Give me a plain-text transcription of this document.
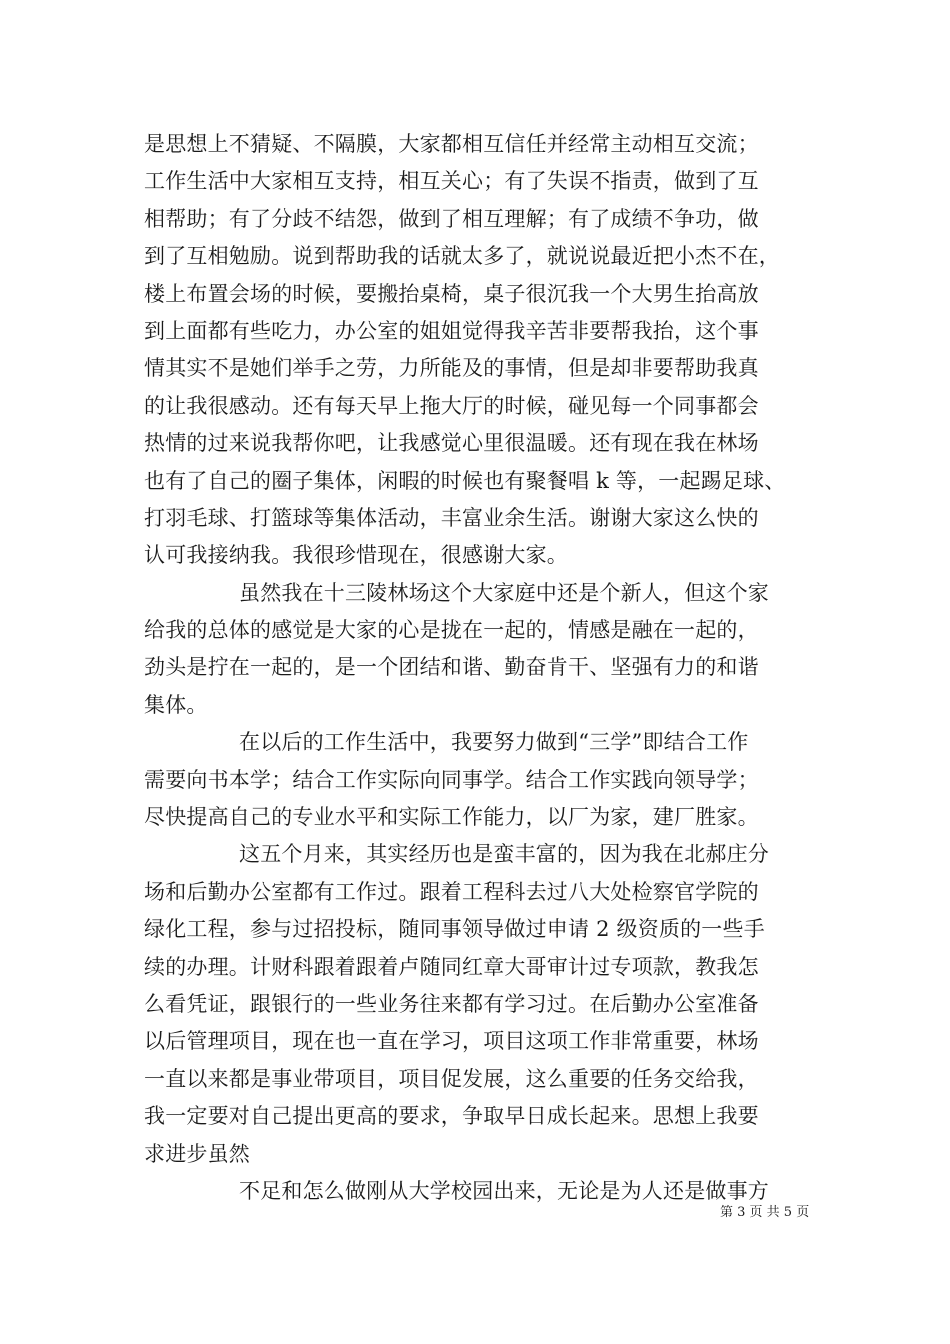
是思想上不猜疑、不隔膜，大家都相互信任并经常主动相互交流；
工作生活中大家相互支持，相互关心；有了失误不指责，做到了互
相帮助；有了分歧不结怨，做到了相互理解；有了成绩不争功，做
到了互相勉励。说到帮助我的话就太多了，就说说最近把小杰不在，
楼上布置会场的时候，要搬抬桌椅，桌子很沉我一个大男生抬高放
到上面都有些吃力，办公室的姐姐觉得我辛苦非要帮我抬，这个事
情其实不是她们举手之劳，力所能及的事情，但是却非要帮助我真
的让我很感动。还有每天早上拖大厅的时候，碰见每一个同事都会
热情的过来说我帮你吧，让我感觉心里很温暖。还有现在我在林场
也有了自己的圈子集体，闲暇的时候也有聚餐唱 k 等，一起踢足球、
打羽毛球、打篮球等集体活动，丰富业余生活。谢谢大家这么快的
认可我接纳我。我很珍惜现在，很感谢大家。
虽然我在十三陵林场这个大家庭中还是个新人，但这个家
给我的总体的感觉是大家的心是拢在一起的，情感是融在一起的，
劲头是拧在一起的，是一个团结和谐、勤奋肯干、坚强有力的和谐
集体。
在以后的工作生活中，我要努力做到“三学”即结合工作
需要向书本学；结合工作实际向同事学。结合工作实践向领导学；
尽快提高自己的专业水平和实际工作能力，以厂为家，建厂胜家。
这五个月来，其实经历也是蛮丰富的，因为我在北郝庄分
场和后勤办公室都有工作过。跟着工程科去过八大处检察官学院的
绿化工程，参与过招投标，随同事领导做过申请 2 级资质的一些手
续的办理。计财科跟着跟着卢随同红章大哥审计过专项款，教我怎
么看凭证，跟银行的一些业务往来都有学习过。在后勤办公室准备
以后管理项目，现在也一直在学习，项目这项工作非常重要，林场
一直以来都是事业带项目，项目促发展，这么重要的任务交给我，
我一定要对自己提出更高的要求，争取早日成长起来。思想上我要
求进步虽然
不足和怎么做刚从大学校园出来，无论是为人还是做事方
第 3 页 共 5 页
